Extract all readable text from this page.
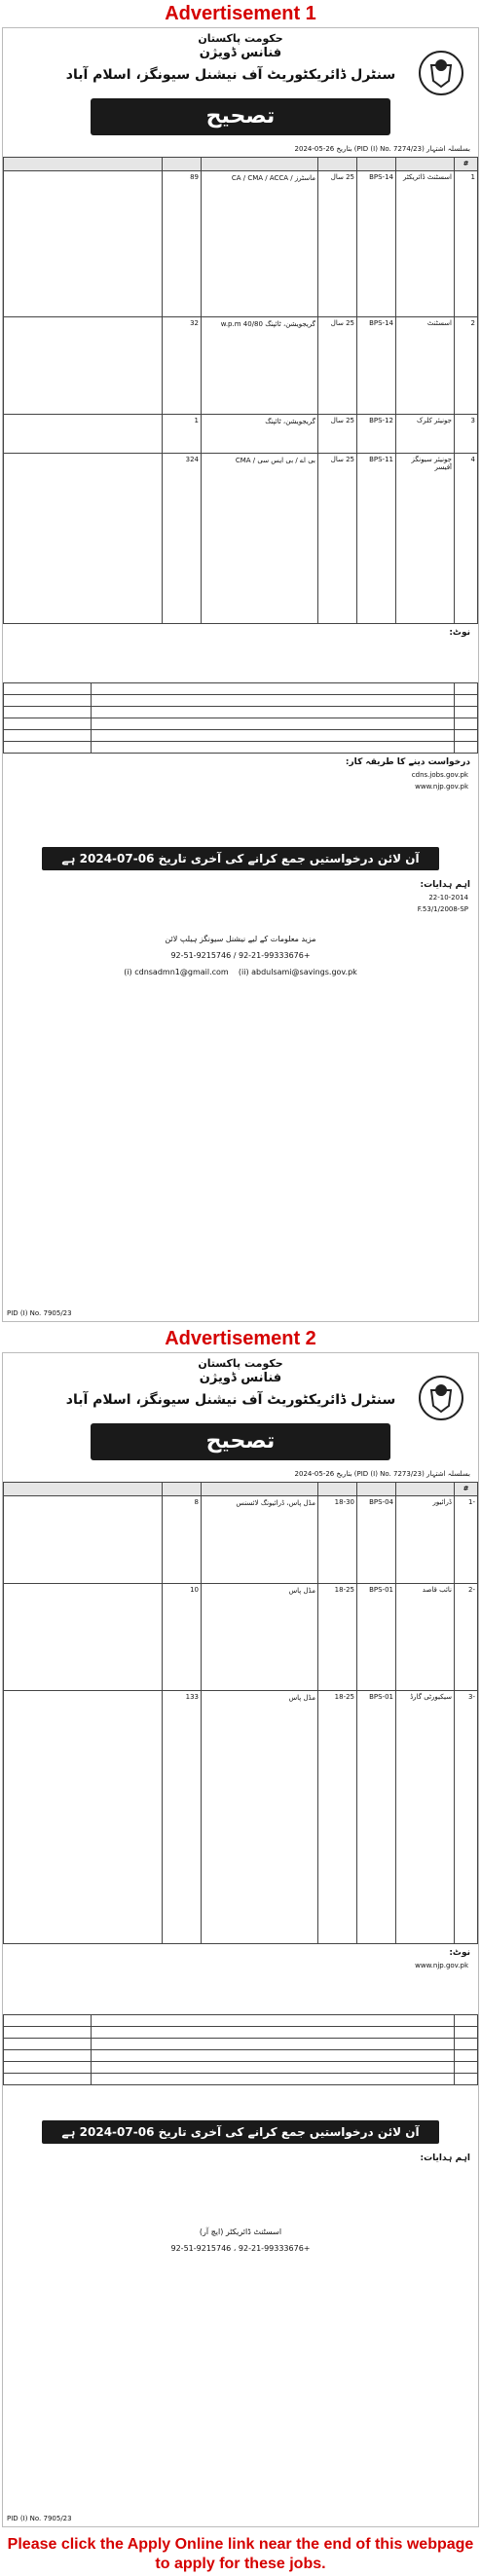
Advertisement 1
حکومت پاکستان
فنانس ڈویژن
سنٹرل ڈائریکٹوریٹ آف نیشنل سیونگز، اسلام آباد
تصحیح
بسلسلہ اشتہار (PID (I) No. 7274/23) بتاریخ 26-05-2024
#						
1	اسسٹنٹ ڈائریکٹر	BPS-14	25 سال	ماسٹرز / CA / CMA / ACCA	89	
2	اسسٹنٹ	BPS-14	25 سال	گریجویشن، ٹائپنگ 40/80 w.p.m	32	
3	جونیئر کلرک	BPS-12	25 سال	گریجویشن، ٹائپنگ	1	
4	جونیئر سیونگز آفیسر	BPS-11	25 سال	بی اے / بی ایس سی / CMA	324	
نوٹ:

درخواست دینے کا طریقہ کار:
cdns.jobs.gov.pk
www.njp.gov.pk
آن لائن درخواستیں جمع کرانے کی آخری تاریخ 06-07-2024 ہے
اہم ہدایات:
22-10-2014
F.53/1/2008-SP
مزید معلومات کے لیے نیشنل سیونگز ہیلپ لائن
92-51-9215746 / 92-21-99333676+
(i) cdnsadmn1@gmail.com (ii) abdulsami@savings.gov.pk
PID (I) No. 7905/23
Advertisement 2
حکومت پاکستان
فنانس ڈویژن
سنٹرل ڈائریکٹوریٹ آف نیشنل سیونگز، اسلام آباد
تصحیح
بسلسلہ اشتہار (PID (I) No. 7273/23) بتاریخ 26-05-2024
#						
-1	ڈرائیور	BPS-04	18-30	مڈل پاس، ڈرائیونگ لائسنس	8	
-2	نائب قاصد	BPS-01	18-25	مڈل پاس	10	
-3	سیکیورٹی گارڈ	BPS-01	18-25	مڈل پاس	133	
نوٹ:
www.njp.gov.pk

آن لائن درخواستیں جمع کرانے کی آخری تاریخ 06-07-2024 ہے
اہم ہدایات:
اسسٹنٹ ڈائریکٹر (ایچ آر)
92-51-9215746 ، 92-21-99333676+
PID (I) No. 7905/23
Please click the Apply Online link near the end of this webpage to apply for these jobs.
